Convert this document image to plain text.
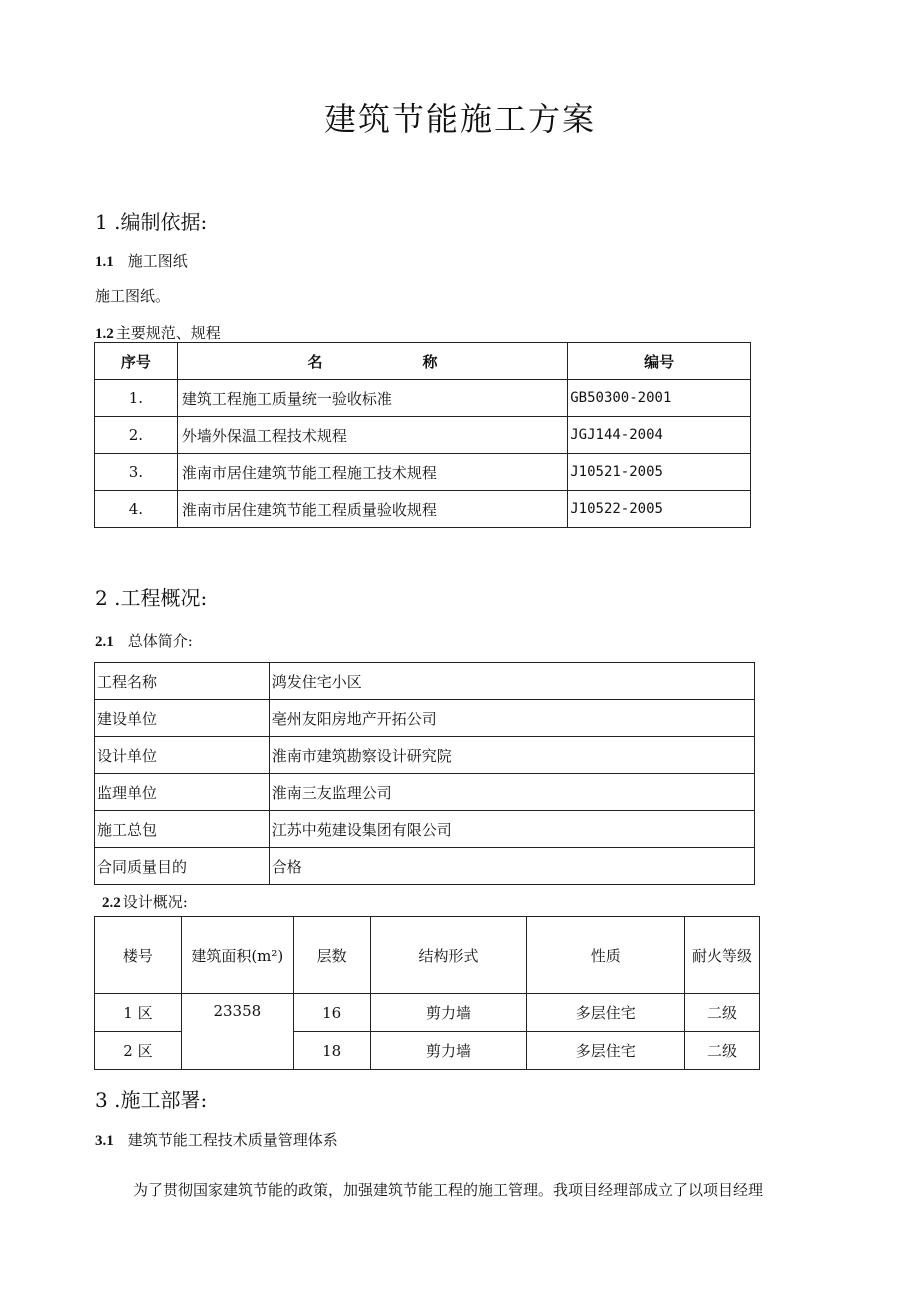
建筑节能施工方案
1 .编制依据:
1.1 施工图纸
施工图纸。
1.2 主要规范、规程
序号	名 称	编号
1.	建筑工程施工质量统一验收标准	GB50300-2001
2.	外墙外保温工程技术规程	JGJ144-2004
3.	淮南市居住建筑节能工程施工技术规程	J10521-2005
4.	淮南市居住建筑节能工程质量验收规程	J10522-2005
2 .工程概况:
2.1 总体简介:
工程名称	鸿发住宅小区
建设单位	亳州友阳房地产开拓公司
设计单位	淮南市建筑勘察设计研究院
监理单位	淮南三友监理公司
施工总包	江苏中苑建设集团有限公司
合同质量目的	合格
2.2 设计概况:
楼号	建筑面积(m²)	层数	结构形式	性质	耐火等级
1 区	23358	16	剪力墙	多层住宅	二级
2 区		18	剪力墙	多层住宅	二级
3 .施工部署:
3.1 建筑节能工程技术质量管理体系
为了贯彻国家建筑节能的政策，加强建筑节能工程的施工管理。我项目经理部成立了以项目经理
